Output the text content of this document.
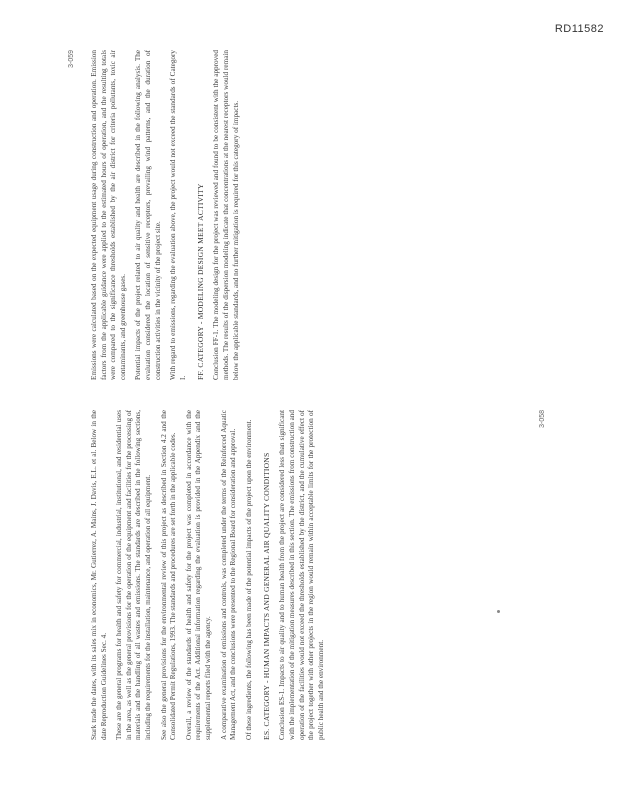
RD11582
3-058

Stark trade the dates, with its sales mix in economics, Mr. Gutierrez, A. Mains, J. Davis, E.L. et al. Below in the date Reproduction Guidelines Sec. 4. These are the general programs for health and safety for commercial, industrial, institutional, and residential uses in the area, as well as the general provisions for the operation of the equipment and facilities for the processing of materials and the handling of all wastes and emissions. The standards are described in the following sections, including the requirements for the installation, maintenance, and operation of all equipment. See also the general provisions for the environmental review of this project as described in Section 4.2 and the Consolidated Permit Regulations, 1993. The standards and procedures are set forth in the applicable codes. Overall, a review of the standards of health and safety for the project was completed in accordance with the requirements of the Act. Additional information regarding the evaluation is provided in the Appendix and the supplemental reports filed with the agency. A comparative examination of emissions and controls, was completed under the terms of the Reinforced Aquatic Management Act, and the conclusions were presented to the Regional Board for consideration and approval. Of these ingredients, the following has been made of the potential impacts of the project upon the environment. ES. CATEGORY - HUMAN IMPACTS AND GENERAL AIR QUALITY CONDITIONS Conclusion ES-1. Impacts to air quality and to human health from the project are considered less than significant with the implementation of the mitigation measures described in this section. The emissions from construction and operation of the facilities would not exceed the thresholds established by the district, and the cumulative effect of the project together with other projects in the region would remain within acceptable limits for the protection of public health and the environment.

3-059 Emissions were calculated based on the expected equipment usage during construction and operation. Emission factors from the applicable guidance were applied to the estimated hours of operation, and the resulting totals were compared to the significance thresholds established by the air district for criteria pollutants, toxic air contaminants, and greenhouse gases. Potential impacts of the project related to air quality and health are described in the following analysis. The evaluation considered the location of sensitive receptors, prevailing wind patterns, and the duration of construction activities in the vicinity of the project site. With regard to emissions, regarding the evaluation above, the project would not exceed the standards of Category I. FF. CATEGORY - MODELING DESIGN MEET ACTIVITY Conclusion FF-1. The modeling design for the project was reviewed and found to be consistent with the approved methods. The results of the dispersion modeling indicate that concentrations at the nearest receptors would remain below the applicable standards, and no further mitigation is required for this category of impacts.
